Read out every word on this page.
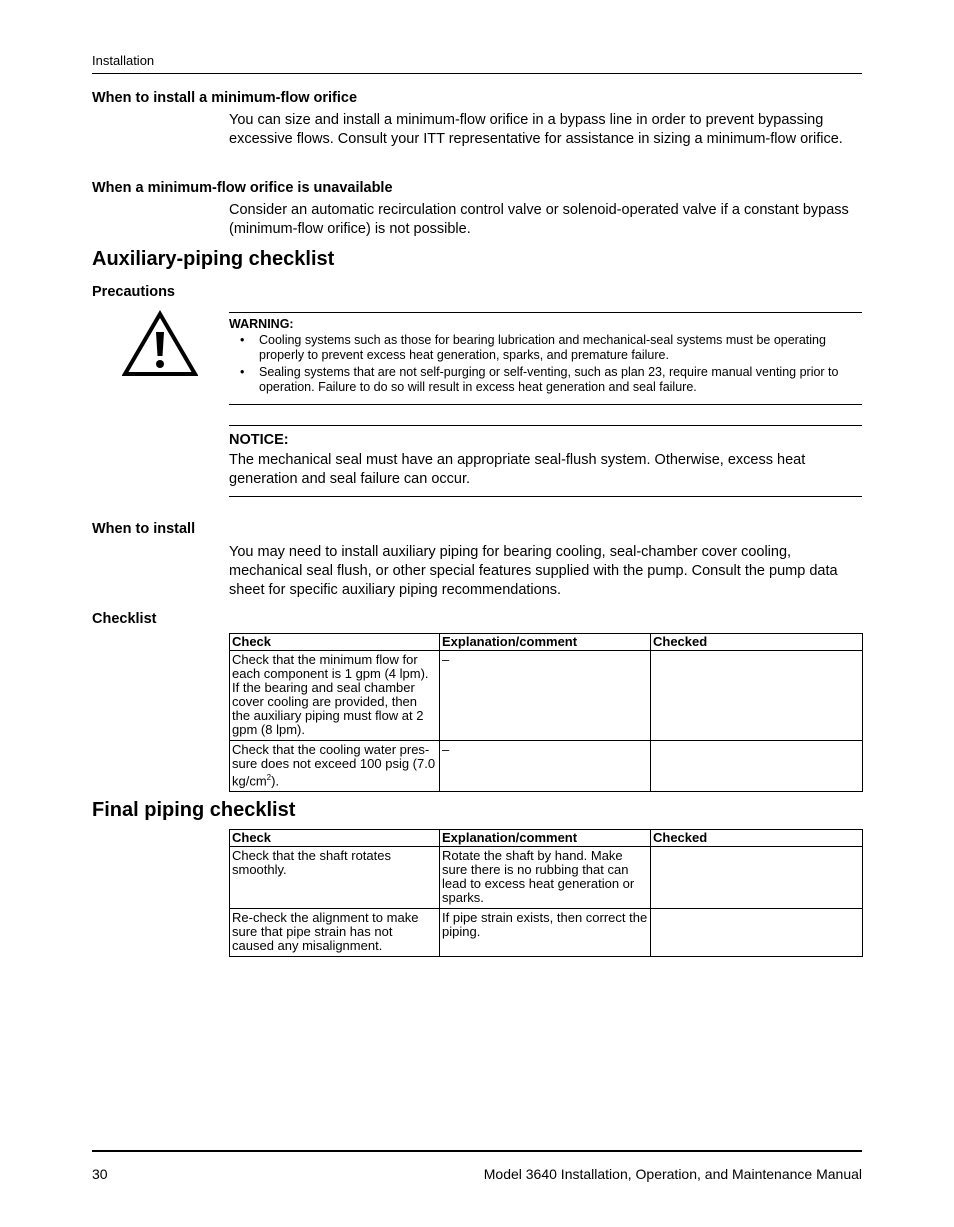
Installation
When to install a minimum-flow orifice
You can size and install a minimum-flow orifice in a bypass line in order to prevent bypassing excessive flows. Consult your ITT representative for assistance in sizing a minimum-flow orifice.
When a minimum-flow orifice is unavailable
Consider an automatic recirculation control valve or solenoid-operated valve if a constant bypass (minimum-flow orifice) is not possible.
Auxiliary-piping checklist
Precautions
WARNING:
• Cooling systems such as those for bearing lubrication and mechanical-seal systems must be operating properly to prevent excess heat generation, sparks, and premature failure.
• Sealing systems that are not self-purging or self-venting, such as plan 23, require manual venting prior to operation. Failure to do so will result in excess heat generation and seal failure.
NOTICE:
The mechanical seal must have an appropriate seal-flush system. Otherwise, excess heat generation and seal failure can occur.
When to install
You may need to install auxiliary piping for bearing cooling, seal-chamber cover cooling, mechanical seal flush, or other special features supplied with the pump. Consult the pump data sheet for specific auxiliary piping recommendations.
Checklist
Check	Explanation/comment	Checked
Check that the minimum flow for each component is 1 gpm (4 lpm). If the bearing and seal chamber cover cooling are provided, then the auxiliary piping must flow at 2 gpm (8 lpm).	–	
Check that the cooling water pres- sure does not exceed 100 psig (7.0 $kg/cm^2$).	–	
Final piping checklist
Check	Explanation/comment	Checked
Check that the shaft rotates smoothly.	Rotate the shaft by hand. Make sure there is no rubbing that can lead to excess heat generation or sparks.	
Re-check the alignment to make sure that pipe strain has not caused any misalignment.	If pipe strain exists, then correct the piping.	
30	Model 3640 Installation, Operation, and Maintenance Manual
